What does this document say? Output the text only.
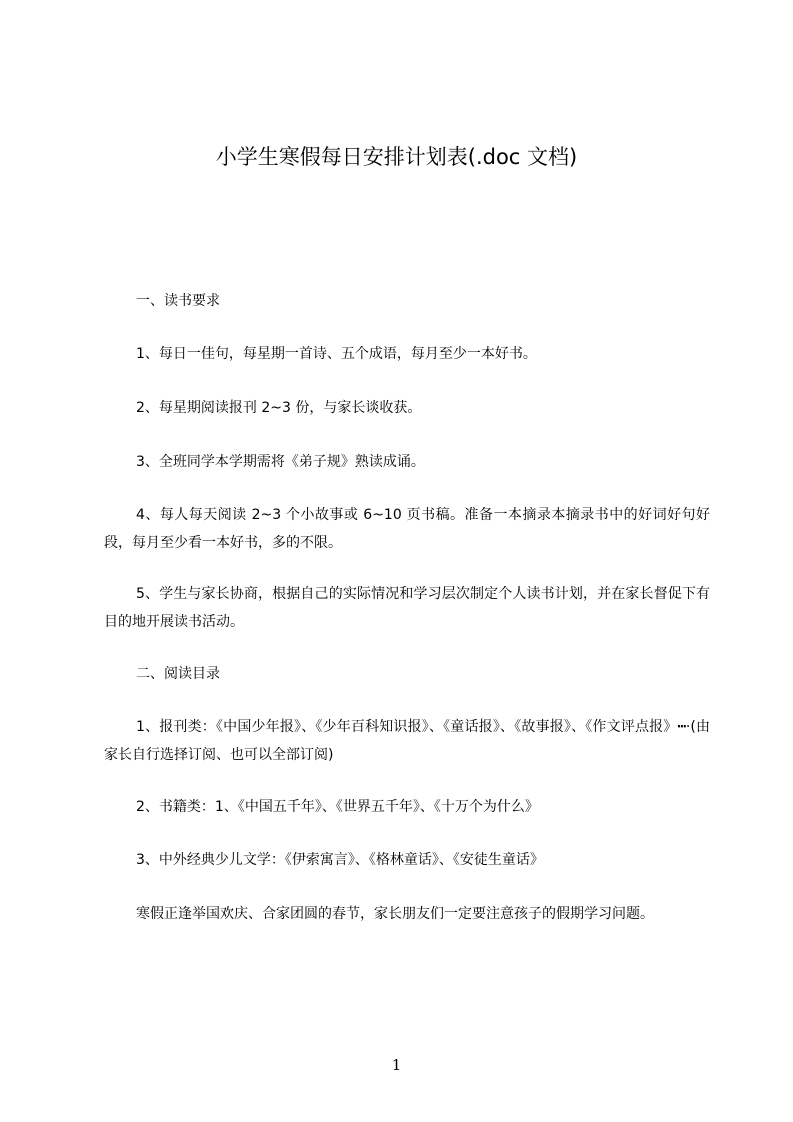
小学生寒假每日安排计划表(.doc 文档)

一、读书要求

1、每日一佳句，每星期一首诗、五个成语，每月至少一本好书。

2、每星期阅读报刊 2~3 份，与家长谈收获。

3、全班同学本学期需将《弟子规》熟读成诵。

4、每人每天阅读 2~3 个小故事或 6~10 页书稿。准备一本摘录本摘录书中的好词好句好段，每月至少看一本好书，多的不限。

5、学生与家长协商，根据自己的实际情况和学习层次制定个人读书计划，并在家长督促下有目的地开展读书活动。

二、阅读目录

1、报刊类：《中国少年报》、《少年百科知识报》、《童话报》、《故事报》、《作文评点报》┅·(由家长自行选择订阅、也可以全部订阅)

2、书籍类：1、《中国五千年》、《世界五千年》、《十万个为什么》

3、中外经典少儿文学：《伊索寓言》、《格林童话》、《安徒生童话》

寒假正逢举国欢庆、合家团圆的春节，家长朋友们一定要注意孩子的假期学习问题。

1
